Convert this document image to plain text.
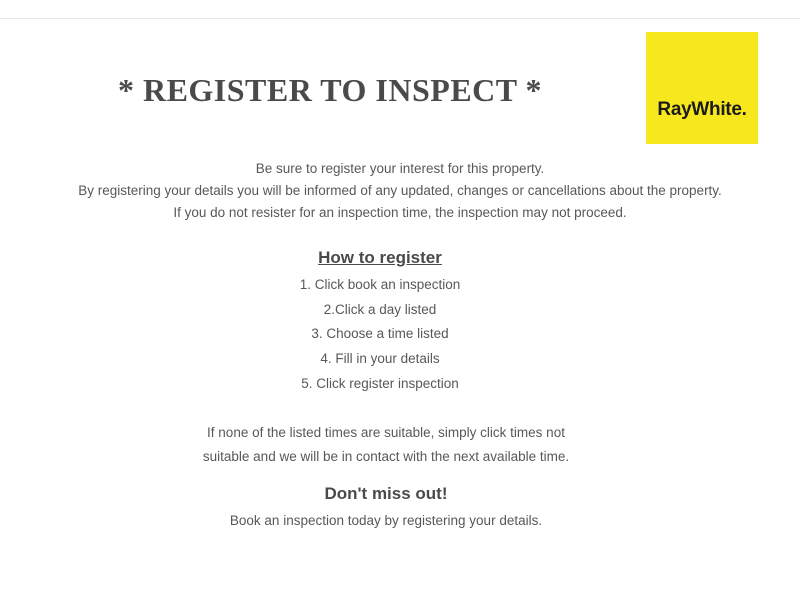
RayWhite.
* REGISTER TO INSPECT *
Be sure to register your interest for this property.
By registering your details you will be informed of any updated, changes or cancellations about the property.
If you do not resister for an inspection time, the inspection may not proceed.
How to register
1. Click book an inspection
2.Click a day listed
3. Choose a time listed
4. Fill in your details
5. Click register inspection
If none of the listed times are suitable, simply click times not
suitable and we will be in contact with the next available time.
Don't miss out!
Book an inspection today by registering your details.
